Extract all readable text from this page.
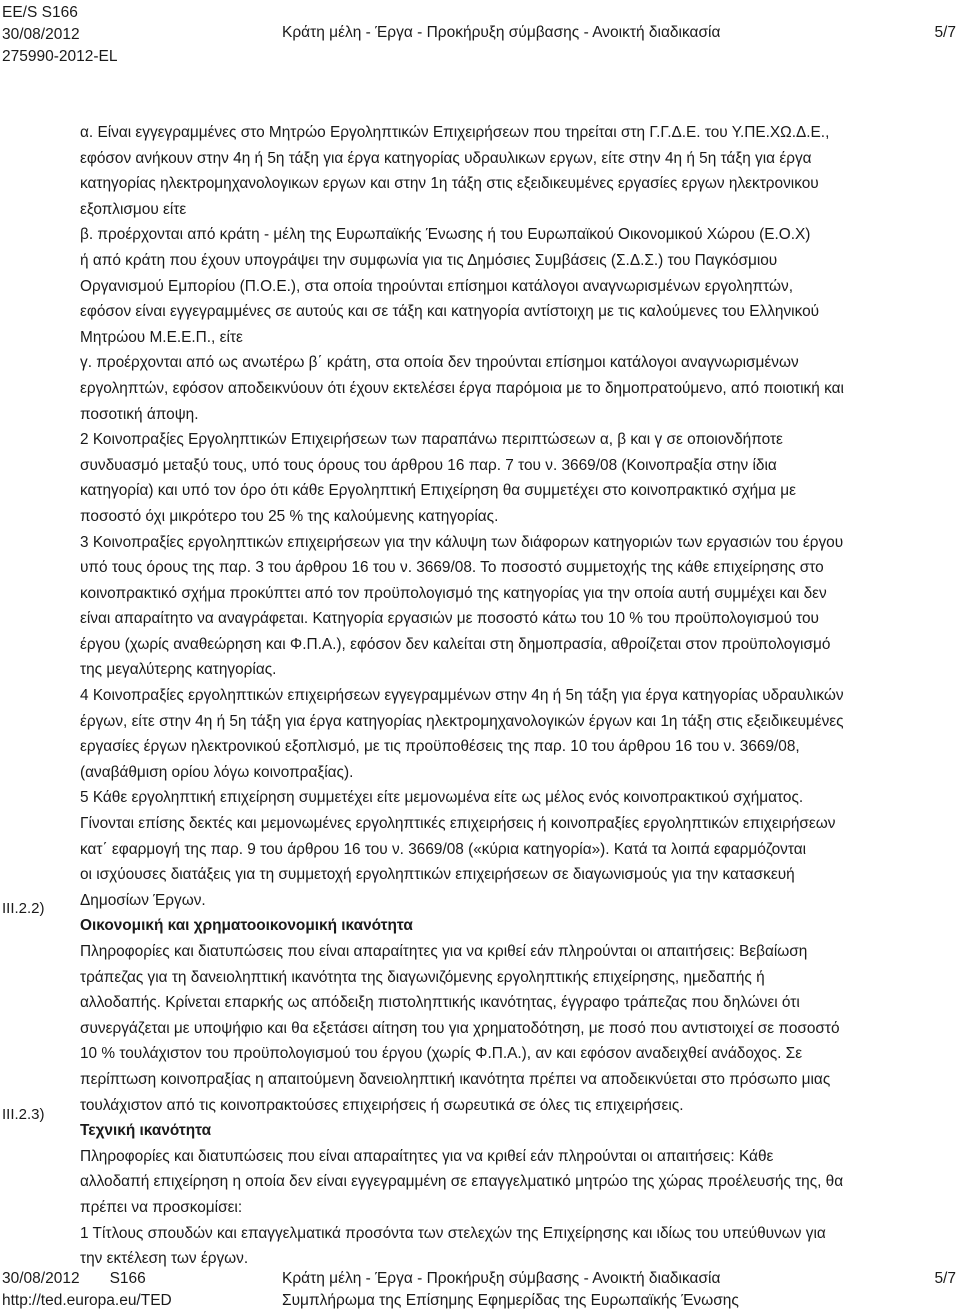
EE/S S166
30/08/2012
275990-2012-EL
Κράτη μέλη - Έργα - Προκήρυξη σύμβασης - Ανοικτή διαδικασία	5/7
III.2.2)
III.2.3)

α. Είναι εγγεγραμμένες στο Μητρώο Εργοληπτικών Επιχειρήσεων που τηρείται στη Γ.Γ.Δ.Ε. του Υ.ΠΕ.ΧΩ.Δ.Ε.,

εφόσον ανήκουν στην 4η ή 5η τάξη για έργα κατηγορίας υδραυλικων εργων, είτε στην 4η ή 5η τάξη για έργα

κατηγορίας ηλεκτρομηχανολογικων εργων και στην 1η τάξη στις εξειδικευμένες εργασίες εργων ηλεκτρονικου

εξοπλισμου είτε

β. προέρχονται από κράτη - μέλη της Ευρωπαϊκής Ένωσης ή του Ευρωπαϊκού Οικονομικού Χώρου (Ε.Ο.Χ)

ή από κράτη που έχουν υπογράψει την συμφωνία για τις Δημόσιες Συμβάσεις (Σ.Δ.Σ.) του Παγκόσμιου

Οργανισμού Εμπορίου (Π.Ο.Ε.), στα οποία τηρούνται επίσημοι κατάλογοι αναγνωρισμένων εργοληπτών,

εφόσον είναι εγγεγραμμένες σε αυτούς και σε τάξη και κατηγορία αντίστοιχη με τις καλούμενες του Ελληνικού

Μητρώου Μ.Ε.Ε.Π., είτε

γ. προέρχονται από ως ανωτέρω β΄ κράτη, στα οποία δεν τηρούνται επίσημοι κατάλογοι αναγνωρισμένων

εργοληπτών, εφόσον αποδεικνύουν ότι έχουν εκτελέσει έργα παρόμοια με το δημοπρατούμενο, από ποιοτική και

ποσοτική άποψη.

2 Κοινοπραξίες Εργοληπτικών Επιχειρήσεων των παραπάνω περιπτώσεων α, β και γ σε οποιονδήποτε

συνδυασμό μεταξύ τους, υπό τους όρους του άρθρου 16 παρ. 7 του ν. 3669/08 (Κοινοπραξία στην ίδια

κατηγορία) και υπό τον όρο ότι κάθε Εργοληπτική Επιχείρηση θα συμμετέχει στο κοινοπρακτικό σχήμα με

ποσοστό όχι μικρότερο του 25 % της καλούμενης κατηγορίας.

3 Κοινοπραξίες εργοληπτικών επιχειρήσεων για την κάλυψη των διάφορων κατηγοριών των εργασιών του έργου

υπό τους όρους της παρ. 3 του άρθρου 16 του ν. 3669/08. Το ποσοστό συμμετοχής της κάθε επιχείρησης στο

κοινοπρακτικό σχήμα προκύπτει από τον προϋπολογισμό της κατηγορίας για την οποία αυτή συμμέχει και δεν

είναι απαραίτητο να αναγράφεται. Κατηγορία εργασιών με ποσοστό κάτω του 10 % του προϋπολογισμού του

έργου (χωρίς αναθεώρηση και Φ.Π.Α.), εφόσον δεν καλείται στη δημοπρασία, αθροίζεται στον προϋπολογισμό

της μεγαλύτερης κατηγορίας.

4 Κοινοπραξίες εργοληπτικών επιχειρήσεων εγγεγραμμένων στην 4η ή 5η τάξη για έργα κατηγορίας υδραυλικών

έργων, είτε στην 4η ή 5η τάξη για έργα κατηγορίας ηλεκτρομηχανολογικών έργων και 1η τάξη στις εξειδικευμένες

εργασίες έργων ηλεκτρονικού εξοπλισμό, με τις προϋποθέσεις της παρ. 10 του άρθρου 16 του ν. 3669/08,

(αναβάθμιση ορίου λόγω κοινοπραξίας).

5 Κάθε εργοληπτική επιχείρηση συμμετέχει είτε μεμονωμένα είτε ως μέλος ενός κοινοπρακτικού σχήματος.

Γίνονται επίσης δεκτές και μεμονωμένες εργοληπτικές επιχειρήσεις ή κοινοπραξίες εργοληπτικών επιχειρήσεων

κατ΄ εφαρμογή της παρ. 9 του άρθρου 16 του ν. 3669/08 («κύρια κατηγορία»). Κατά τα λοιπά εφαρμόζονται

οι ισχύουσες διατάξεις για τη συμμετοχή εργοληπτικών επιχειρήσεων σε διαγωνισμούς για την κατασκευή

Δημοσίων Έργων.

Οικονομική και χρηματοοικονομική ικανότητα

Πληροφορίες και διατυπώσεις που είναι απαραίτητες για να κριθεί εάν πληρούνται οι απαιτήσεις: Βεβαίωση

τράπεζας για τη δανειοληπτική ικανότητα της διαγωνιζόμενης εργοληπτικής επιχείρησης, ημεδαπής ή

αλλοδαπής. Κρίνεται επαρκής ως απόδειξη πιστοληπτικής ικανότητας, έγγραφο τράπεζας που δηλώνει ότι

συνεργάζεται με υποψήφιο και θα εξετάσει αίτηση του για χρηματοδότηση, με ποσό που αντιστοιχεί σε ποσοστό

10 % τουλάχιστον του προϋπολογισμού του έργου (χωρίς Φ.Π.Α.), αν και εφόσον αναδειχθεί ανάδοχος. Σε

περίπτωση κοινοπραξίας η απαιτούμενη δανειοληπτική ικανότητα πρέπει να αποδεικνύεται στο πρόσωπο μιας

τουλάχιστον από τις κοινοπρακτούσες επιχειρήσεις ή σωρευτικά σε όλες τις επιχειρήσεις.

Τεχνική ικανότητα

Πληροφορίες και διατυπώσεις που είναι απαραίτητες για να κριθεί εάν πληρούνται οι απαιτήσεις: Κάθε

αλλοδαπή επιχείρηση η οποία δεν είναι εγγεγραμμένη σε επαγγελματικό μητρώο της χώρας προέλευσής της, θα

πρέπει να προσκομίσει:

1 Τίτλους σπουδών και επαγγελματικά προσόντα των στελεχών της Επιχείρησης και ιδίως του υπεύθυνων για

την εκτέλεση των έργων.

30/08/2012 S166
http://ted.europa.eu/TED
Κράτη μέλη - Έργα - Προκήρυξη σύμβασης - Ανοικτή διαδικασία
Συμπλήρωμα της Επίσημης Εφημερίδας της Ευρωπαϊκής Ένωσης
5/7
